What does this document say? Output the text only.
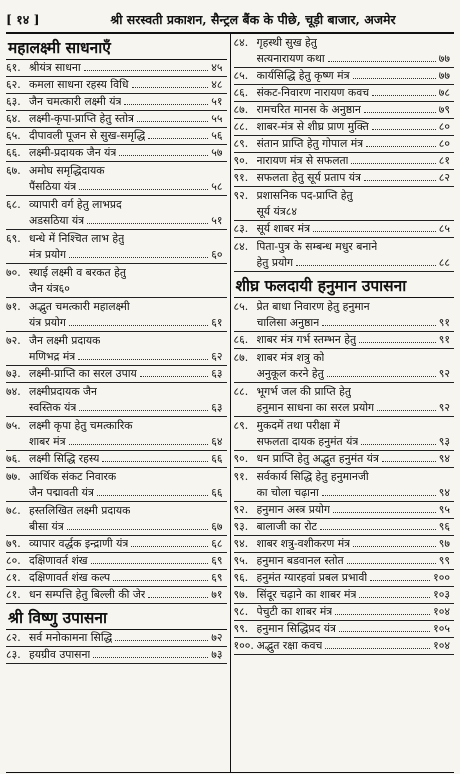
[ १४ ]	श्री सरस्वती प्रकाशन, सैन्ट्रल बैंक के पीछे, चूड़ी बाजार, अजमेर
महालक्ष्मी साधनाएँ
६१. श्रीयंत्र साधना	४५
६२. कमला साधना रहस्य विधि	४८
६३. जैन चमत्कारी लक्ष्मी यंत्र	५१
६४. लक्ष्मी-कृपा-प्राप्ति हेतु स्तोत्र	५५
६५. दीपावली पूजन से सुख-समृद्धि	५६
६६. लक्ष्मी-प्रदायक जैन यंत्र	५७
६७. अमोघ समृद्धिदायक
पैंसठिया यंत्र	५८
६८. व्यापारी वर्ग हेतु लाभप्रद
अडसठिया यंत्र	५१
६९. धन्धे में निश्चित लाभ हेतु
मंत्र प्रयोग	६०
७०. स्थाई लक्ष्मी व बरकत हेतु
जैन यंत्र६०
७१. अद्भुत चमत्कारी महालक्ष्मी
यंत्र प्रयोग	६१
७२. जैन लक्ष्मी प्रदायक
मणिभद्र मंत्र	६२
७३. लक्ष्मी-प्राप्ति का सरल उपाय	६३
७४. लक्ष्मीप्रदायक जैन
स्वस्तिक यंत्र	६३
७५. लक्ष्मी कृपा हेतु चमत्कारिक
शाबर मंत्र	६४
७६. लक्ष्मी सिद्धि रहस्य	६६
७७. आर्थिक संकट निवारक
जैन पद्मावती यंत्र	६६
७८. हस्तलिखित लक्ष्मी प्रदायक
बीसा यंत्र	६७
७९. व्यापार वर्द्धक इन्द्राणी यंत्र	६८
८०. दक्षिणावर्त शंख	६९
८१. दक्षिणावर्त शंख कल्प	६९
८१. धन सम्पत्ति हेतु बिल्ली की जेर	७१
श्री विष्णु उपासना
८२. सर्व मनोकामना सिद्धि	७२
८३. हयग्रीव उपासना	७३
८४. गृहस्थी सुख हेतु
सत्यनारायण कथा	७७
८५. कार्यसिद्धि हेतु कृष्ण मंत्र	७७
८६. संकट-निवारण नारायण कवच	७८
८७. रामचरित मानस के अनुष्ठान	७९
८८. शाबर-मंत्र से शीघ्र प्राण मुक्ति	८०
८९. संतान प्राप्ति हेतु गोपाल मंत्र	८०
९०. नारायण मंत्र से सफलता	८१
९१. सफलता हेतु सूर्य प्रताप यंत्र	८२
९२. प्रशासनिक पद-प्राप्ति हेतु
सूर्य यंत्र८४
८३. सूर्य शाबर मंत्र	८५
८४. पिता-पुत्र के सम्बन्ध मधुर बनाने
हेतु प्रयोग	८८
शीघ्र फलदायी हनुमान उपासना
८५. प्रेत बाधा निवारण हेतु हनुमान
चालिसा अनुष्ठान	९१
८६. शाबर मंत्र गर्भ स्तम्भन हेतु	९१
८७. शाबर मंत्र शत्रु को
अनुकूल करने हेतु	९२
८८. भूगर्भ जल की प्राप्ति हेतु
हनुमान साधना का सरल प्रयोग	९२
८९. मुकदमें तथा परीक्षा में
सफलता दायक हनुमंत यंत्र	९३
९०. धन प्राप्ति हेतु अद्भुत हनुमंत यंत्र	९४
९१. सर्वकार्य सिद्धि हेतु हनुमानजी
का चोला चढ़ाना	९४
९२. हनुमान अस्त्र प्रयोग	९५
९३. बालाजी का रोट	९६
९४. शाबर शत्रु-वशीकरण मंत्र	९७
९५. हनुमान बडवानल स्तोत	९९
९६. हनुमंत ग्यारहवां प्रबल प्रभावी	१००
९७. सिंदूर चढ़ाने का शाबर मंत्र	१०३
९८. पेचुटी का शाबर मंत्र	१०४
९९. हनुमान सिद्धिप्रद यंत्र	१०५
१००. अद्भुत रक्षा कवच	१०४
